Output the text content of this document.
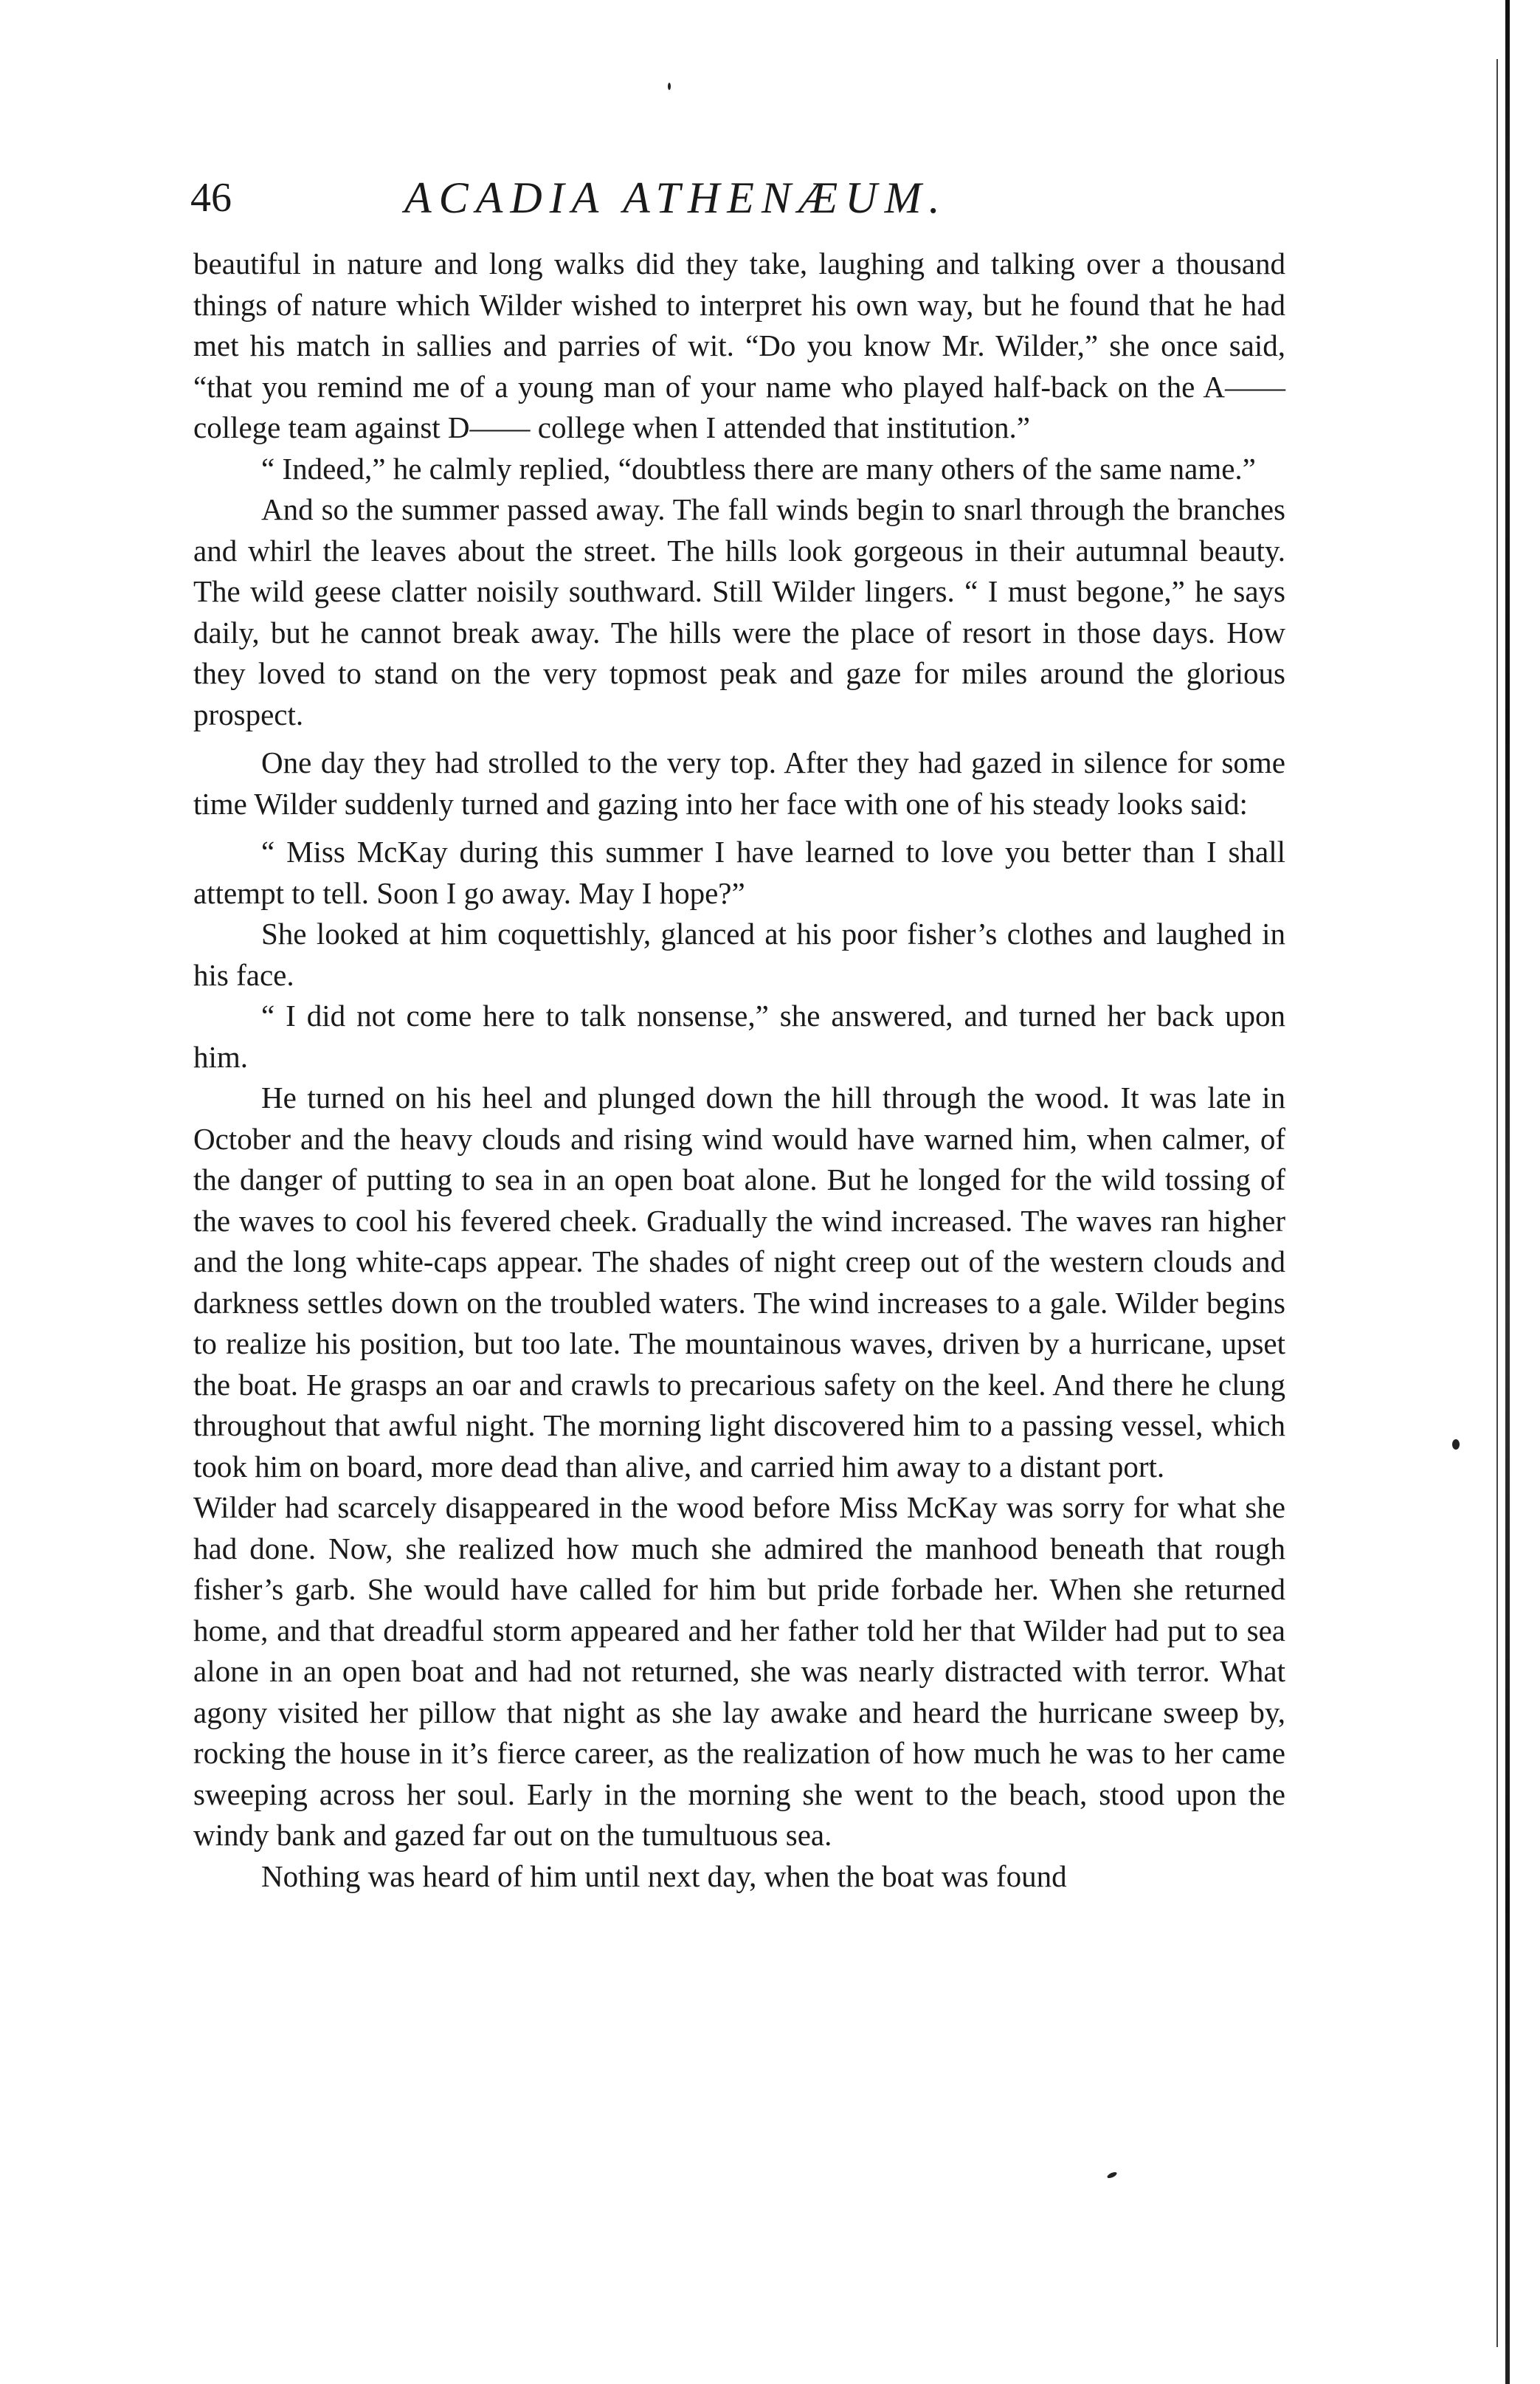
46	ACADIA ATHENÆUM.

beautiful in nature and long walks did they take, laughing and talking over a thousand things of nature which Wilder wished to interpret his own way, but he found that he had met his match in sallies and parries of wit. “Do you know Mr. Wilder,” she once said, “that you remind me of a young man of your name who played half-back on the A—— college team against D—— college when I attended that institution.”

“ Indeed,” he calmly replied, “doubtless there are many others of the same name.”

And so the summer passed away. The fall winds begin to snarl through the branches and whirl the leaves about the street. The hills look gorgeous in their autumnal beauty. The wild geese clatter noisily southward. Still Wilder lingers. “ I must begone,” he says daily, but he cannot break away. The hills were the place of resort in those days. How they loved to stand on the very topmost peak and gaze for miles around the glorious prospect.

One day they had strolled to the very top. After they had gazed in silence for some time Wilder suddenly turned and gazing into her face with one of his steady looks said:

“ Miss McKay during this summer I have learned to love you better than I shall attempt to tell. Soon I go away. May I hope?”

She looked at him coquettishly, glanced at his poor fisher’s clothes and laughed in his face.

“ I did not come here to talk nonsense,” she answered, and turned her back upon him.

He turned on his heel and plunged down the hill through the wood. It was late in October and the heavy clouds and rising wind would have warned him, when calmer, of the danger of putting to sea in an open boat alone. But he longed for the wild tossing of the waves to cool his fevered cheek. Gradually the wind increased. The waves ran higher and the long white-caps appear. The shades of night creep out of the western clouds and darkness settles down on the troubled waters. The wind increases to a gale. Wilder begins to realize his position, but too late. The mountainous waves, driven by a hurricane, upset the boat. He grasps an oar and crawls to precarious safety on the keel. And there he clung throughout that awful night. The morning light discovered him to a passing vessel, which took him on board, more dead than alive, and carried him away to a distant port.

Wilder had scarcely disappeared in the wood before Miss McKay was sorry for what she had done. Now, she realized how much she admired the manhood beneath that rough fisher’s garb. She would have called for him but pride forbade her. When she returned home, and that dreadful storm appeared and her father told her that Wilder had put to sea alone in an open boat and had not returned, she was nearly distracted with terror. What agony visited her pillow that night as she lay awake and heard the hurricane sweep by, rocking the house in it’s fierce career, as the realization of how much he was to her came sweeping across her soul. Early in the morning she went to the beach, stood upon the windy bank and gazed far out on the tumultuous sea.

Nothing was heard of him until next day, when the boat was found
